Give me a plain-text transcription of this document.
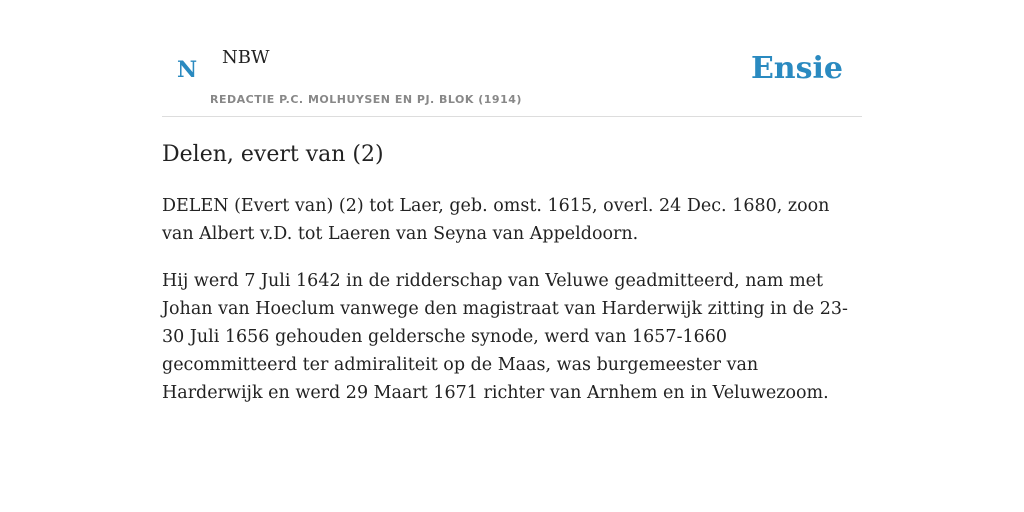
N NBW
REDACTIE P.C. MOLHUYSEN EN PJ. BLOK (1914)
Ensie
Delen, evert van (2)

DELEN (Evert van) (2) tot Laer, geb. omst. 1615, overl. 24 Dec. 1680, zoon van Albert v.D. tot Laeren van Seyna van Appeldoorn.

Hij werd 7 Juli 1642 in de ridderschap van Veluwe geadmitteerd, nam met Johan van Hoeclum vanwege den magistraat van Harderwijk zitting in de 23-30 Juli 1656 gehouden geldersche synode, werd van 1657-1660 gecommitteerd ter admiraliteit op de Maas, was burgemeester van Harderwijk en werd 29 Maart 1671 richter van Arnhem en in Veluwezoom.
